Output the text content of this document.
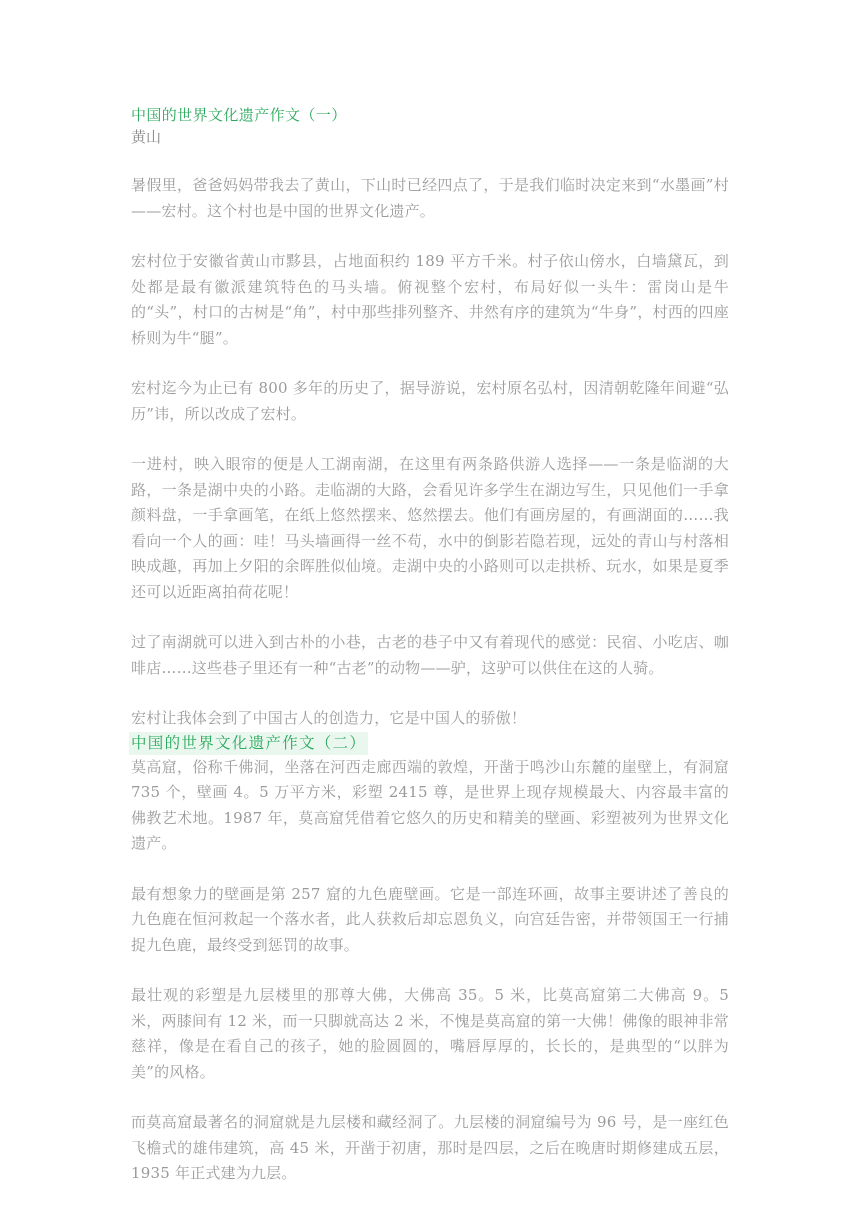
中国的世界文化遗产作文（一）
黄山

暑假里，爸爸妈妈带我去了黄山，下山时已经四点了，于是我们临时决定来到“水墨画”村——宏村。这个村也是中国的世界文化遗产。

宏村位于安徽省黄山市黟县，占地面积约 189 平方千米。村子依山傍水，白墙黛瓦，到处都是最有徽派建筑特色的马头墙。俯视整个宏村，布局好似一头牛：雷岗山是牛的“头”，村口的古树是“角”，村中那些排列整齐、井然有序的建筑为“牛身”，村西的四座桥则为牛“腿”。

宏村迄今为止已有 800 多年的历史了，据导游说，宏村原名弘村，因清朝乾隆年间避“弘历”讳，所以改成了宏村。

一进村，映入眼帘的便是人工湖南湖，在这里有两条路供游人选择——一条是临湖的大路，一条是湖中央的小路。走临湖的大路，会看见许多学生在湖边写生，只见他们一手拿颜料盘，一手拿画笔，在纸上悠然摆来、悠然摆去。他们有画房屋的，有画湖面的……我看向一个人的画：哇！马头墙画得一丝不苟，水中的倒影若隐若现，远处的青山与村落相映成趣，再加上夕阳的余晖胜似仙境。走湖中央的小路则可以走拱桥、玩水，如果是夏季还可以近距离拍荷花呢！

过了南湖就可以进入到古朴的小巷，古老的巷子中又有着现代的感觉：民宿、小吃店、咖啡店……这些巷子里还有一种“古老”的动物——驴，这驴可以供住在这的人骑。

宏村让我体会到了中国古人的创造力，它是中国人的骄傲！

中国的世界文化遗产作文（二）

莫高窟，俗称千佛洞，坐落在河西走廊西端的敦煌，开凿于鸣沙山东麓的崖壁上，有洞窟 735 个，壁画 4。5 万平方米，彩塑 2415 尊，是世界上现存规模最大、内容最丰富的佛教艺术地。1987 年，莫高窟凭借着它悠久的历史和精美的壁画、彩塑被列为世界文化遗产。

最有想象力的壁画是第 257 窟的九色鹿壁画。它是一部连环画，故事主要讲述了善良的九色鹿在恒河救起一个落水者，此人获救后却忘恩负义，向宫廷告密，并带领国王一行捕捉九色鹿，最终受到惩罚的故事。

最壮观的彩塑是九层楼里的那尊大佛，大佛高 35。5 米，比莫高窟第二大佛高 9。5 米，两膝间有 12 米，而一只脚就高达 2 米，不愧是莫高窟的第一大佛！佛像的眼神非常慈祥，像是在看自己的孩子，她的脸圆圆的，嘴唇厚厚的，长长的，是典型的“以胖为美”的风格。

而莫高窟最著名的洞窟就是九层楼和藏经洞了。九层楼的洞窟编号为 96 号，是一座红色飞檐式的雄伟建筑，高 45 米，开凿于初唐，那时是四层，之后在晚唐时期修建成五层，1935 年正式建为九层。
